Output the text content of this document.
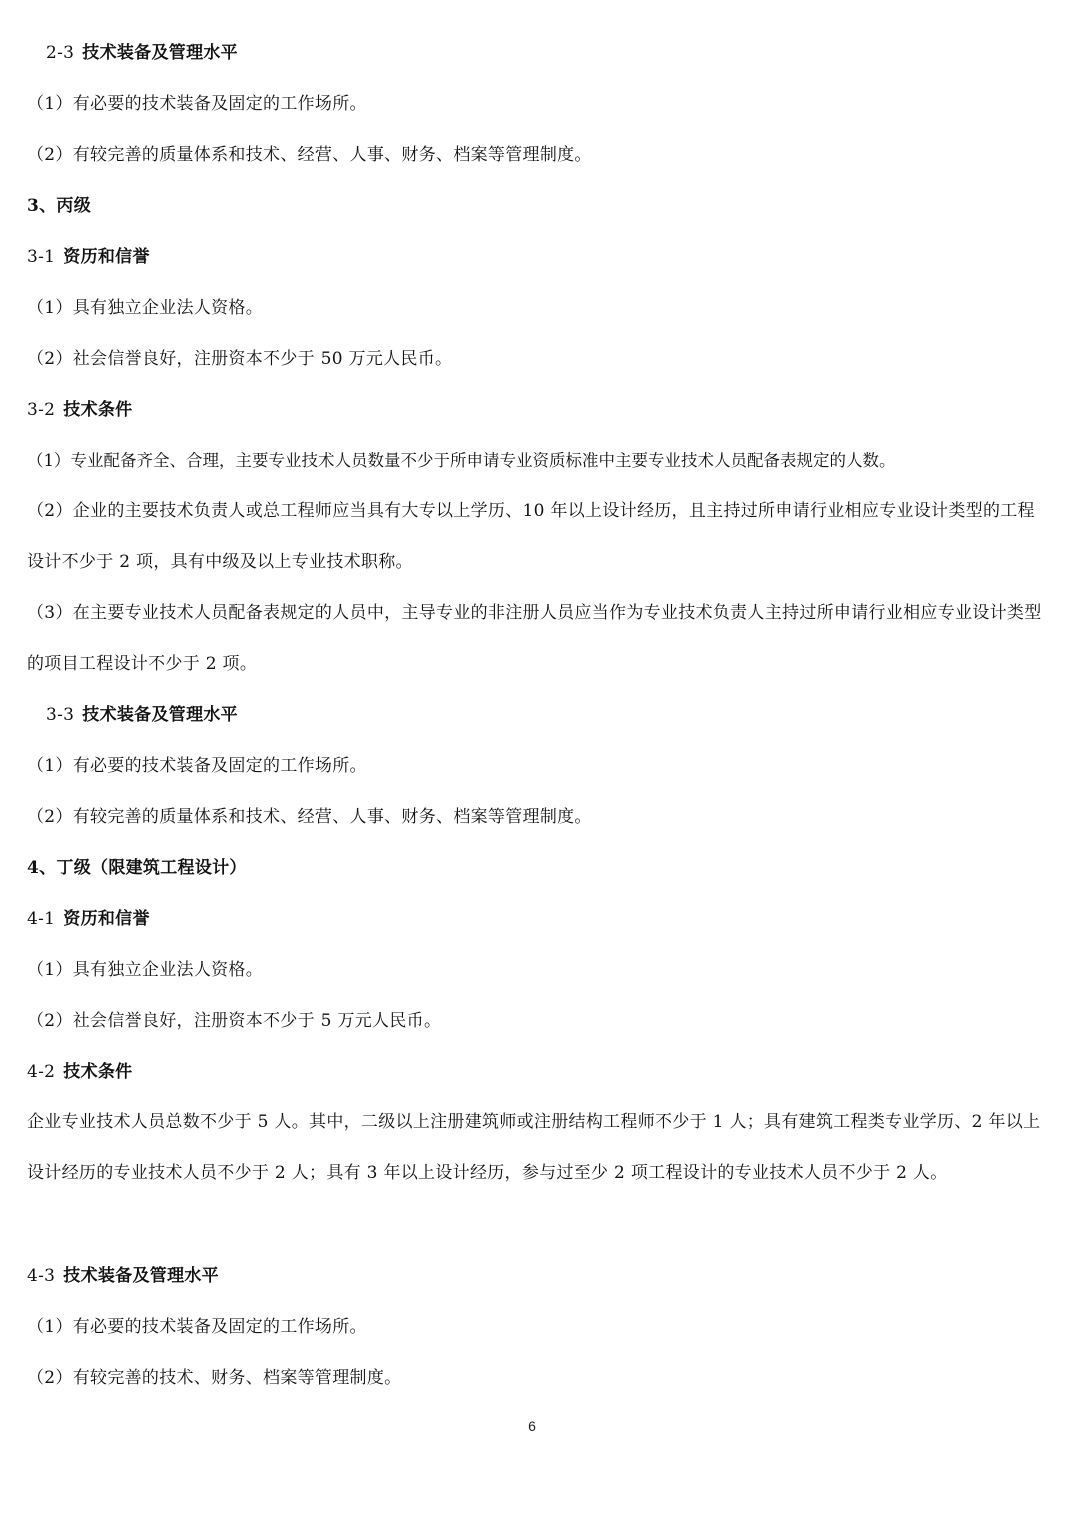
2-3 技术装备及管理水平
（1）有必要的技术装备及固定的工作场所。
（2）有较完善的质量体系和技术、经营、人事、财务、档案等管理制度。
3、丙级
3-1 资历和信誉
（1）具有独立企业法人资格。
（2）社会信誉良好，注册资本不少于 50 万元人民币。
3-2 技术条件
（1）专业配备齐全、合理，主要专业技术人员数量不少于所申请专业资质标准中主要专业技术人员配备表规定的人数。
（2）企业的主要技术负责人或总工程师应当具有大专以上学历、10 年以上设计经历，且主持过所申请行业相应专业设计类型的工程设计不少于 2 项，具有中级及以上专业技术职称。
（3）在主要专业技术人员配备表规定的人员中，主导专业的非注册人员应当作为专业技术负责人主持过所申请行业相应专业设计类型的项目工程设计不少于 2 项。
3-3 技术装备及管理水平
（1）有必要的技术装备及固定的工作场所。
（2）有较完善的质量体系和技术、经营、人事、财务、档案等管理制度。
4、丁级（限建筑工程设计）
4-1 资历和信誉
（1）具有独立企业法人资格。
（2）社会信誉良好，注册资本不少于 5 万元人民币。
4-2 技术条件
企业专业技术人员总数不少于 5 人。其中，二级以上注册建筑师或注册结构工程师不少于 1 人；具有建筑工程类专业学历、2 年以上设计经历的专业技术人员不少于 2 人；具有 3 年以上设计经历，参与过至少 2 项工程设计的专业技术人员不少于 2 人。
4-3 技术装备及管理水平
（1）有必要的技术装备及固定的工作场所。
（2）有较完善的技术、财务、档案等管理制度。
6
